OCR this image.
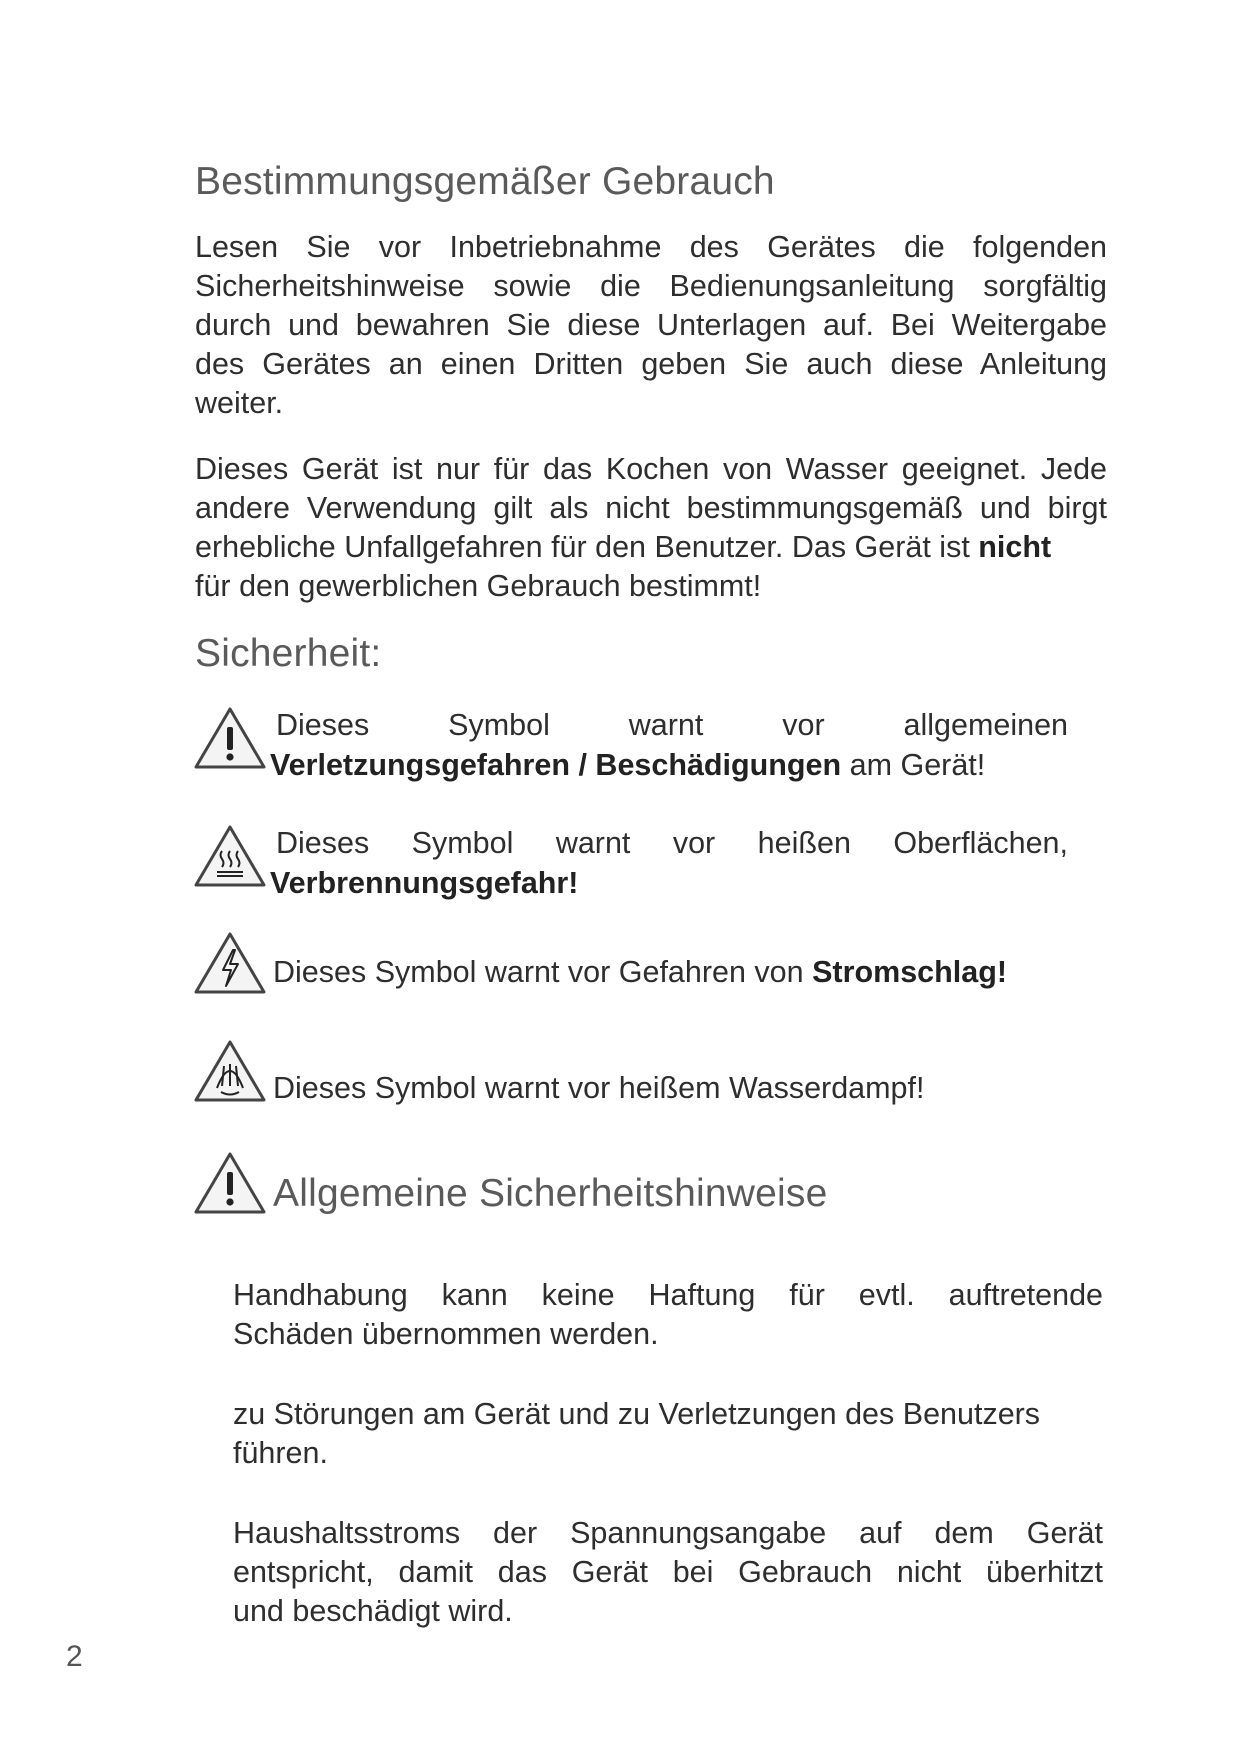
Bestimmungsgemäßer Gebrauch
Lesen Sie vor Inbetriebnahme des Gerätes die folgenden
Sicherheitshinweise sowie die Bedienungsanleitung sorgfältig
durch und bewahren Sie diese Unterlagen auf. Bei Weitergabe
des Gerätes an einen Dritten geben Sie auch diese Anleitung
weiter.
Dieses Gerät ist nur für das Kochen von Wasser geeignet. Jede
andere Verwendung gilt als nicht bestimmungsgemäß und birgt
erhebliche Unfallgefahren für den Benutzer. Das Gerät ist nicht
für den gewerblichen Gebrauch bestimmt!
Sicherheit:
Dieses Symbol warnt vor allgemeinen
Verletzungsgefahren / Beschädigungen am Gerät!
Dieses Symbol warnt vor heißen Oberflächen,
Verbrennungsgefahr!
Dieses Symbol warnt vor Gefahren von Stromschlag!
Dieses Symbol warnt vor heißem Wasserdampf!
Allgemeine Sicherheitshinweise
Handhabung kann keine Haftung für evtl. auftretende
Schäden übernommen werden.
zu Störungen am Gerät und zu Verletzungen des Benutzers
führen.
Haushaltsstroms der Spannungsangabe auf dem Gerät
entspricht, damit das Gerät bei Gebrauch nicht überhitzt
und beschädigt wird.
2
